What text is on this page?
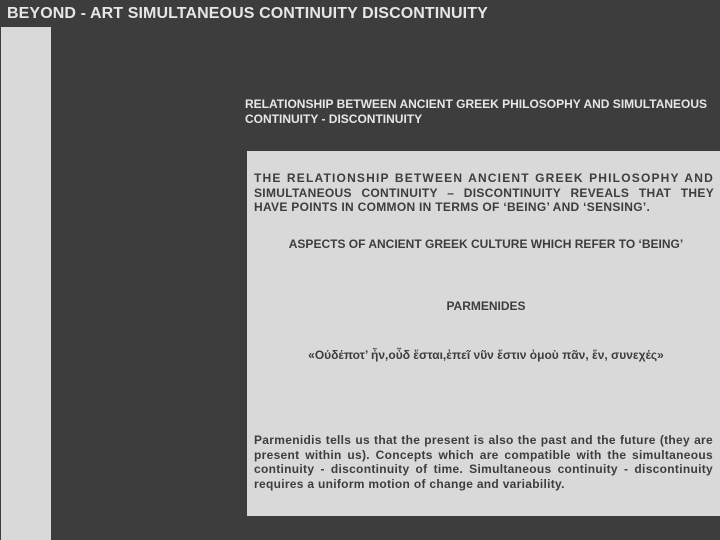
BEYOND - ART SIMULTANEOUS CONTINUITY DISCONTINUITY
RELATIONSHIP BETWEEN ANCIENT GREEK PHILOSOPHY AND SIMULTANEOUS CONTINUITY - DISCONTINUITY

THE RELATIONSHIP BETWEEN ANCIENT GREEK PHILOSOPHY AND SIMULTANEOUS CONTINUITY – DISCONTINUITY REVEALS THAT THEY HAVE POINTS IN COMMON IN TERMS OF ‘BEING’ AND ‘SENSING’.

ASPECTS OF ANCIENT GREEK CULTURE WHICH REFER TO ‘BEING’

PARMENIDES

«Ούδέποτ’ ἦν,οὖδ ἔσται,ἐπεῖ νῦν ἔστιν ὁμοὺ πᾶν, ἕν, συνεχές»

Parmenidis tells us that the present is also the past and the future (they are present within us). Concepts which are compatible with the simultaneous continuity - discontinuity of time. Simultaneous continuity - discontinuity requires a uniform motion of change and variability.
